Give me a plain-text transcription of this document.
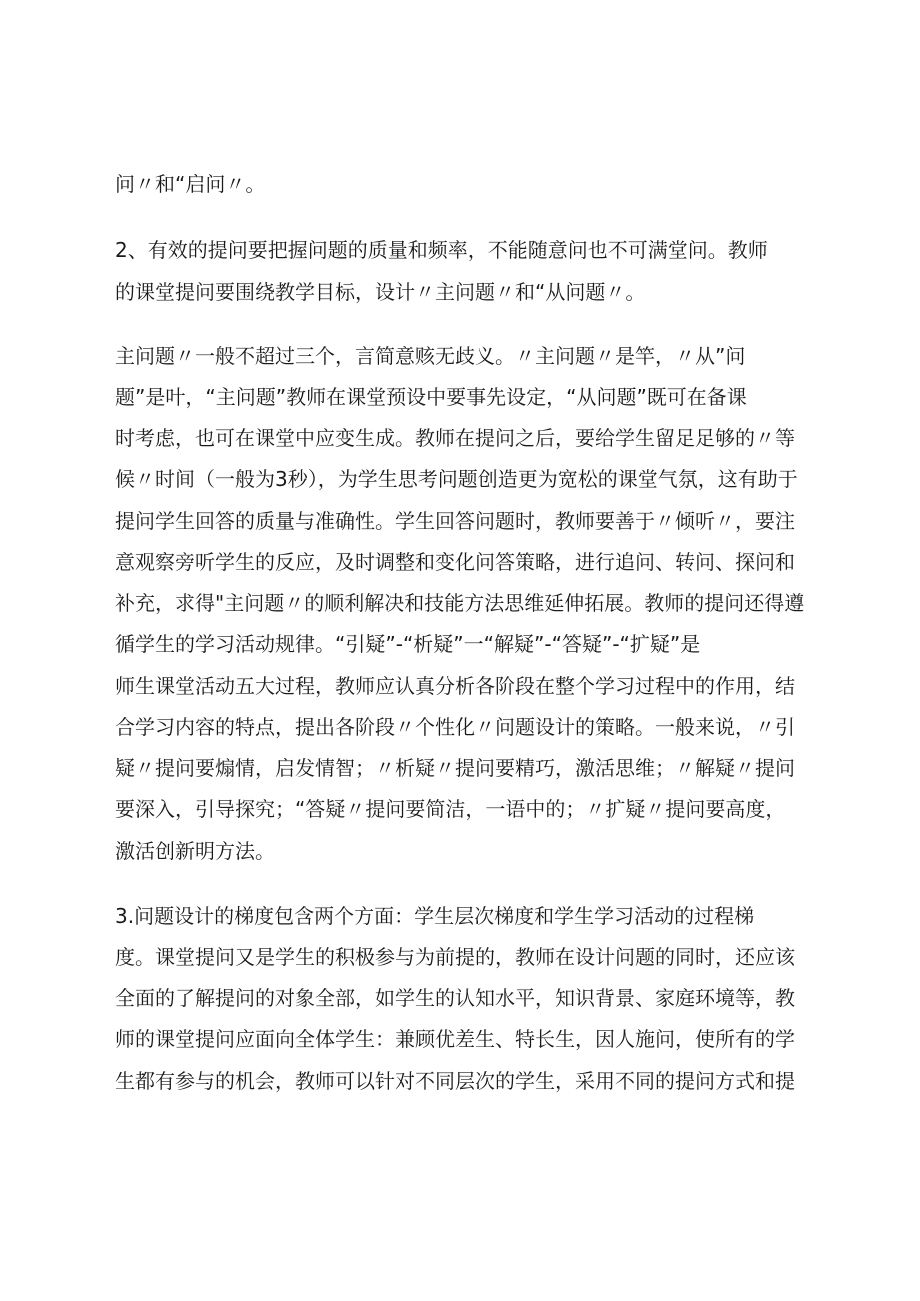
问〃和“启问〃。

2、有效的提问要把握问题的质量和频率，不能随意问也不可满堂问。教师

的课堂提问要围绕教学目标，设计〃主问题〃和“从问题〃。

主问题〃一般不超过三个，言简意赅无歧义。〃主问题〃是竿，〃从”问

题”是叶，“主问题”教师在课堂预设中要事先设定，“从问题”既可在备课

时考虑，也可在课堂中应变生成。教师在提问之后，要给学生留足足够的〃等

候〃时间（一般为3秒），为学生思考问题创造更为宽松的课堂气氛，这有助于

提问学生回答的质量与准确性。学生回答问题时，教师要善于〃倾听〃，要注

意观察旁听学生的反应，及时调整和变化问答策略，进行追问、转问、探问和

补充，求得"主问题〃的顺利解决和技能方法思维延伸拓展。教师的提问还得遵

循学生的学习活动规律。“引疑”-“析疑”一“解疑”-“答疑”-“扩疑”是

师生课堂活动五大过程，教师应认真分析各阶段在整个学习过程中的作用，结

合学习内容的特点，提出各阶段〃个性化〃问题设计的策略。一般来说，〃引

疑〃提问要煽情，启发情智；〃析疑〃提问要精巧，激活思维；〃解疑〃提问

要深入，引导探究；“答疑〃提问要简洁，一语中的；〃扩疑〃提问要高度，

激活创新明方法。

3.问题设计的梯度包含两个方面：学生层次梯度和学生学习活动的过程梯

度。课堂提问又是学生的积极参与为前提的，教师在设计问题的同时，还应该

全面的了解提问的对象全部，如学生的认知水平，知识背景、家庭环境等，教

师的课堂提问应面向全体学生：兼顾优差生、特长生，因人施问，使所有的学

生都有参与的机会，教师可以针对不同层次的学生，采用不同的提问方式和提
